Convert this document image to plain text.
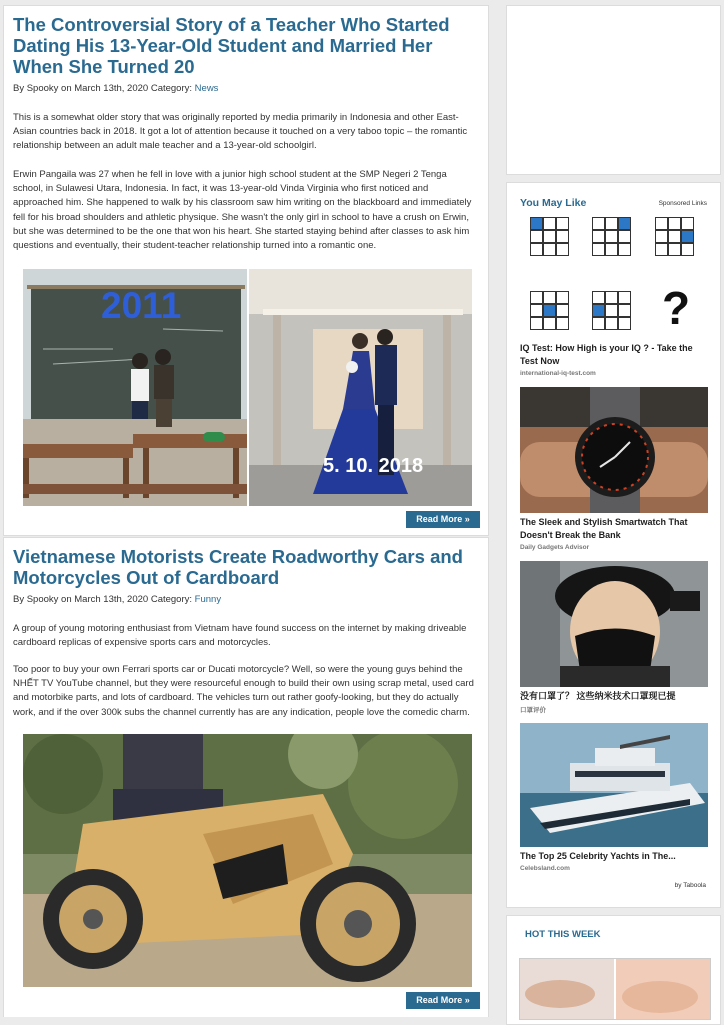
The Controversial Story of a Teacher Who Started Dating His 13-Year-Old Student and Married Her When She Turned 20
By Spooky on March 13th, 2020 Category: News

This is a somewhat older story that was originally reported by media primarily in Indonesia and other East-Asian countries back in 2018. It got a lot of attention because it touched on a very taboo topic – the romantic relationship between an adult male teacher and a 13-year-old schoolgirl.

Erwin Pangaila was 27 when he fell in love with a junior high school student at the SMP Negeri 2 Tenga school, in Sulawesi Utara, Indonesia. In fact, it was 13-year-old Vinda Virginia who first noticed and approached him. She happened to walk by his classroom saw him writing on the blackboard and immediately fell for his broad shoulders and athletic physique. She wasn't the only girl in school to have a crush on Erwin, but she was determined to be the one that won his heart. She started staying behind after classes to ask him questions and eventually, their student-teacher relationship turned into a romantic one.

2011
5. 10. 2018
Read More »
Vietnamese Motorists Create Roadworthy Cars and Motorcycles Out of Cardboard
By Spooky on March 13th, 2020 Category: Funny

A group of young motoring enthusiast from Vietnam have found success on the internet by making driveable cardboard replicas of expensive sports cars and motorcycles.

Too poor to buy your own Ferrari sports car or Ducati motorcycle? Well, so were the young guys behind the NHẾT TV YouTube channel, but they were resourceful enough to build their own using scrap metal, used card and motorbike parts, and lots of cardboard. The vehicles turn out rather goofy-looking, but they do actually work, and if the over 300k subs the channel currently has are any indication, people love the comedic charm.

Read More »
You May Like	Sponsored Links
?
IQ Test: How High is your IQ ? - Take the Test Now
international-iq-test.com
The Sleek and Stylish Smartwatch That Doesn't Break the Bank
Daily Gadgets Advisor
没有口罩了？ 这些纳米技术口罩现已提
口罩评价
The Top 25 Celebrity Yachts in The...
Celebsland.com
by Taboola
HOT THIS WEEK
